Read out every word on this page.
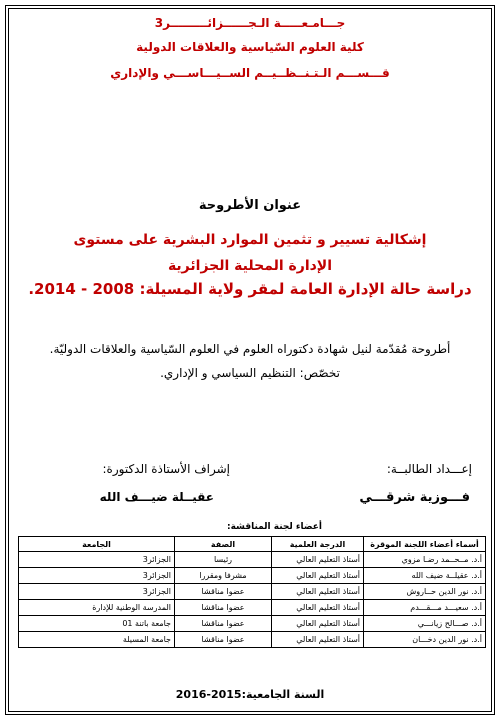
جـــامـعـــــة الـجــــــزائـــــــــر3
كلية العلوم السّياسية والعلاقات الدولية
قـــســـم الـتـنــظــيــم الســيـــاســـي والإداري
عنوان الأطروحة
إشكالية تسيير و تثمين الموارد البشرية على مستوى
الإدارة المحلية الجزائرية
دراسة حالة الإدارة العامة لمقر ولاية المسيلة: 2008 - 2014.
أطروحة مُقدّمة لنيل شهادة دكتوراه العلوم في العلوم السّياسية والعلاقات الدوليّة.
تخصّص: التنظيم السياسي و الإداري.
إعـــداد الطالبــة:
فـــوزية شرقـــي
إشراف الأستاذة الدكتورة:
عقيــلة ضيـــف الله
أعضاء لجنة المناقشة:
أسماء أعضاء اللجنة الموقرة	الدرجة العلمية	الصفة	الجامعة
أ.د. مــحــمد رضـا مزوي	أستاذ التعليم العالي	رئيسا	الجزائر3
أ.د. عقيلــة ضيف الله	أستاذ التعليم العالي	مشرفا ومقررا	الجزائر3
أ.د. نور الدين حــاروش	أستاذ التعليم العالي	عضوا مناقشا	الجزائر3
أ.د. سعيـــد مـــقـــدم	أستاذ التعليم العالي	عضوا مناقشا	المدرسة الوطنية للإدارة
أ.د. صـــالح زيانـــي	أستاذ التعليم العالي	عضوا مناقشا	جامعة باتنة 01
أ.د. نور الدين دخـــان	أستاذ التعليم العالي	عضوا مناقشا	جامعة المسيلة
السنة الجامعية:2015-2016
